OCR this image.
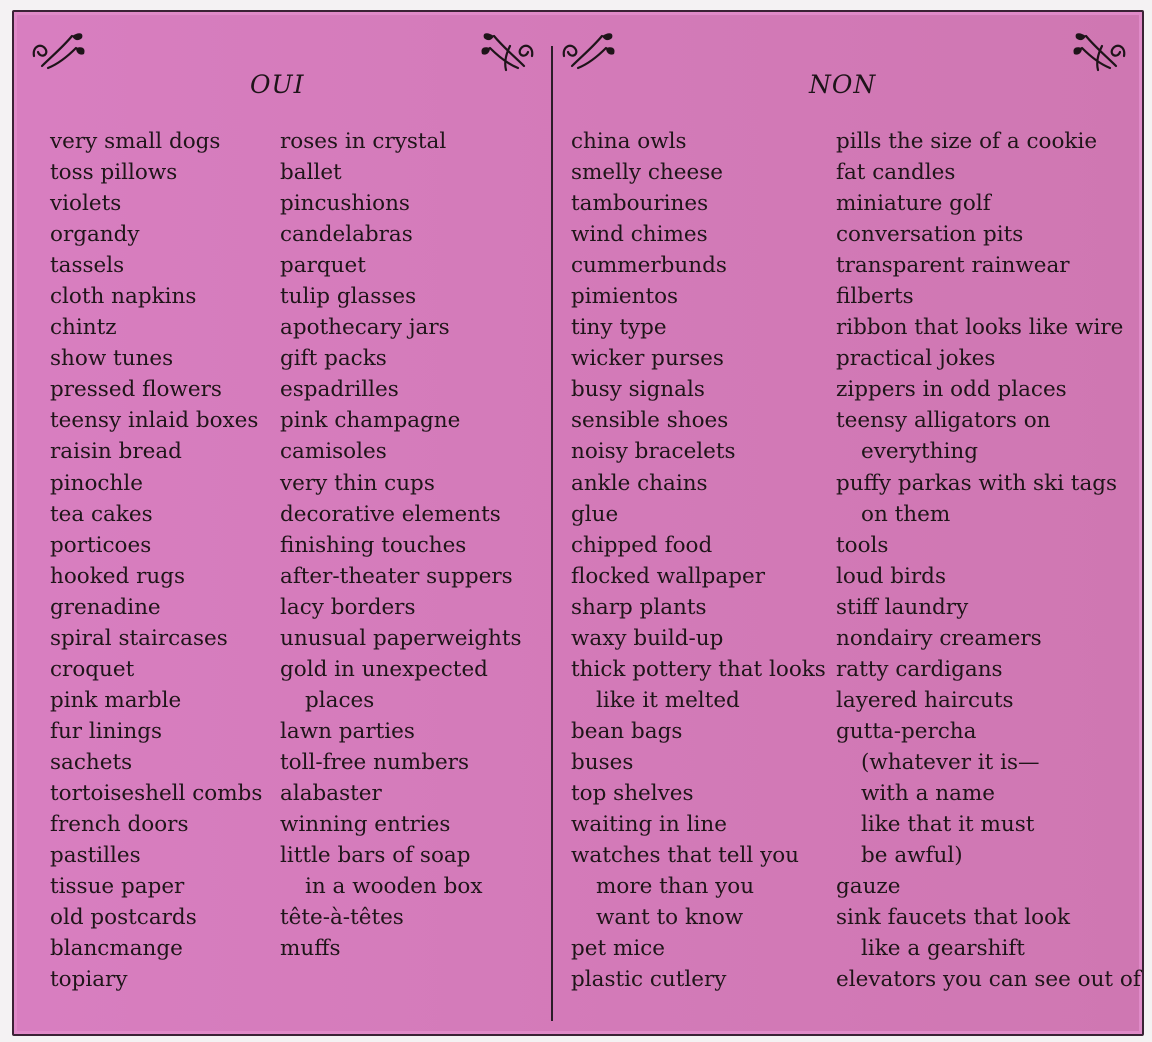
OUI	NON
very small dogs
toss pillows
violets
organdy
tassels
cloth napkins
chintz
show tunes
pressed flowers
teensy inlaid boxes
raisin bread
pinochle
tea cakes
porticoes
hooked rugs
grenadine
spiral staircases
croquet
pink marble
fur linings
sachets
tortoiseshell combs
french doors
pastilles
tissue paper
old postcards
blancmange
topiary
roses in crystal
ballet
pincushions
candelabras
parquet
tulip glasses
apothecary jars
gift packs
espadrilles
pink champagne
camisoles
very thin cups
decorative elements
finishing touches
after-theater suppers
lacy borders
unusual paperweights
gold in unexpected
places
lawn parties
toll-free numbers
alabaster
winning entries
little bars of soap
in a wooden box
tête-à-têtes
muffs
china owls
smelly cheese
tambourines
wind chimes
cummerbunds
pimientos
tiny type
wicker purses
busy signals
sensible shoes
noisy bracelets
ankle chains
glue
chipped food
flocked wallpaper
sharp plants
waxy build-up
thick pottery that looks
like it melted
bean bags
buses
top shelves
waiting in line
watches that tell you
more than you
want to know
pet mice
plastic cutlery
pills the size of a cookie
fat candles
miniature golf
conversation pits
transparent rainwear
filberts
ribbon that looks like wire
practical jokes
zippers in odd places
teensy alligators on
everything
puffy parkas with ski tags
on them
tools
loud birds
stiff laundry
nondairy creamers
ratty cardigans
layered haircuts
gutta-percha
(whatever it is—
with a name
like that it must
be awful)
gauze
sink faucets that look
like a gearshift
elevators you can see out of
